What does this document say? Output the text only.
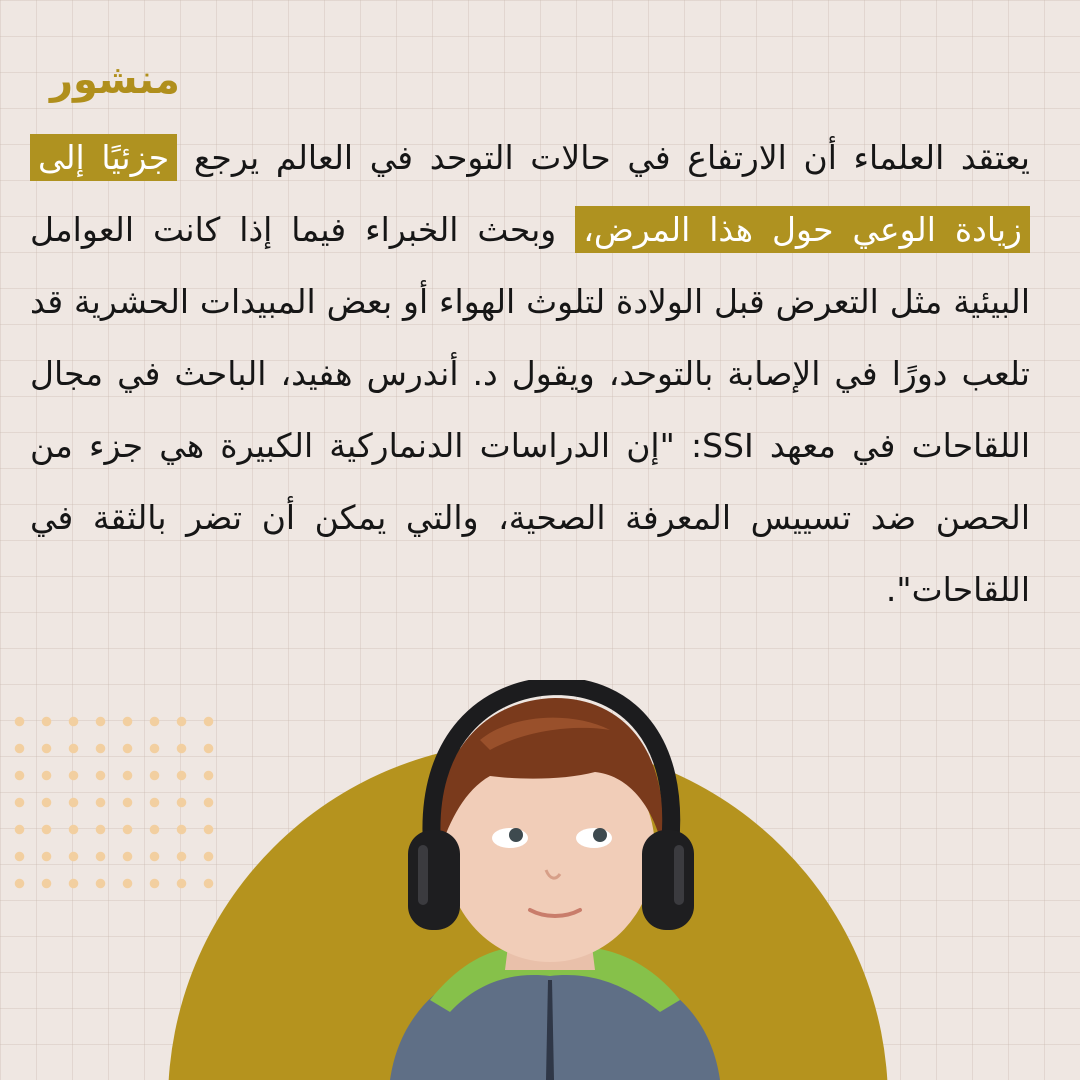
منشور

يعتقد العلماء أن الارتفاع في حالات التوحد في العالم يرجع جزئيًا إلى زيادة الوعي حول هذا المرض، وبحث الخبراء فيما إذا كانت العوامل البيئية مثل التعرض قبل الولادة لتلوث الهواء أو بعض المبيدات الحشرية قد تلعب دورًا في الإصابة بالتوحد، ويقول د. أندرس هفيد، الباحث في مجال اللقاحات في معهد SSI: "إن الدراسات الدنماركية الكبيرة هي جزء من الحصن ضد تسييس المعرفة الصحية، والتي يمكن أن تضر بالثقة في اللقاحات".
